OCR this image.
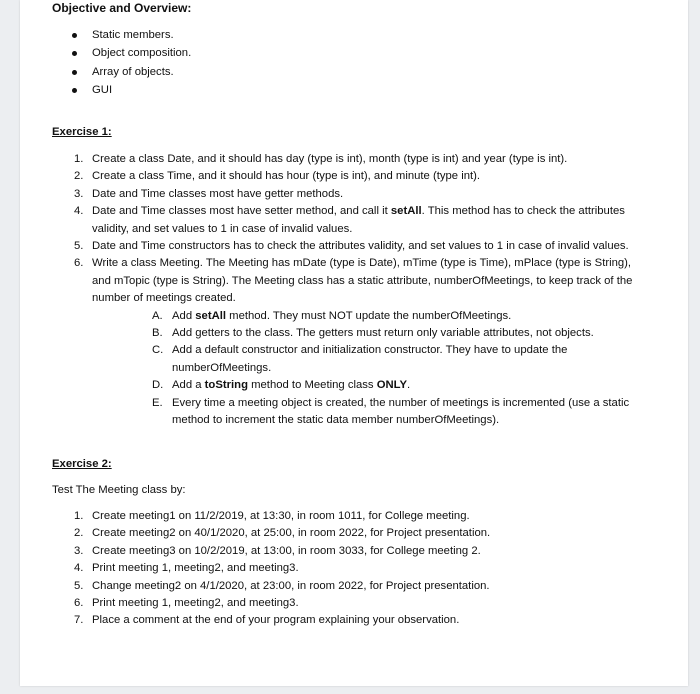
Objective and Overview:
Static members.
Object composition.
Array of objects.
GUI
Exercise 1:
1. Create a class Date, and it should has day (type is int), month (type is int) and year (type is int).
2. Create a class Time, and it should has hour (type is int), and minute (type int).
3. Date and Time classes most have getter methods.
4. Date and Time classes most have setter method, and call it setAll. This method has to check the attributes validity, and set values to 1 in case of invalid values.
5. Date and Time constructors has to check the attributes validity, and set values to 1 in case of invalid values.
6. Write a class Meeting. The Meeting has mDate (type is Date), mTime (type is Time), mPlace (type is String), and mTopic (type is String). The Meeting class has a static attribute, numberOfMeetings, to keep track of the number of meetings created.
A. Add setAll method. They must NOT update the numberOfMeetings.
B. Add getters to the class. The getters must return only variable attributes, not objects.
C. Add a default constructor and initialization constructor. They have to update the numberOfMeetings.
D. Add a toString method to Meeting class ONLY.
E. Every time a meeting object is created, the number of meetings is incremented (use a static method to increment the static data member numberOfMeetings).
Exercise 2:
Test The Meeting class by:
1. Create meeting1 on 11/2/2019, at 13:30, in room 1011, for College meeting.
2. Create meeting2 on 40/1/2020, at 25:00, in room 2022, for Project presentation.
3. Create meeting3 on 10/2/2019, at 13:00, in room 3033, for College meeting 2.
4. Print meeting 1, meeting2, and meeting3.
5. Change meeting2 on 4/1/2020, at 23:00, in room 2022, for Project presentation.
6. Print meeting 1, meeting2, and meeting3.
7. Place a comment at the end of your program explaining your observation.
